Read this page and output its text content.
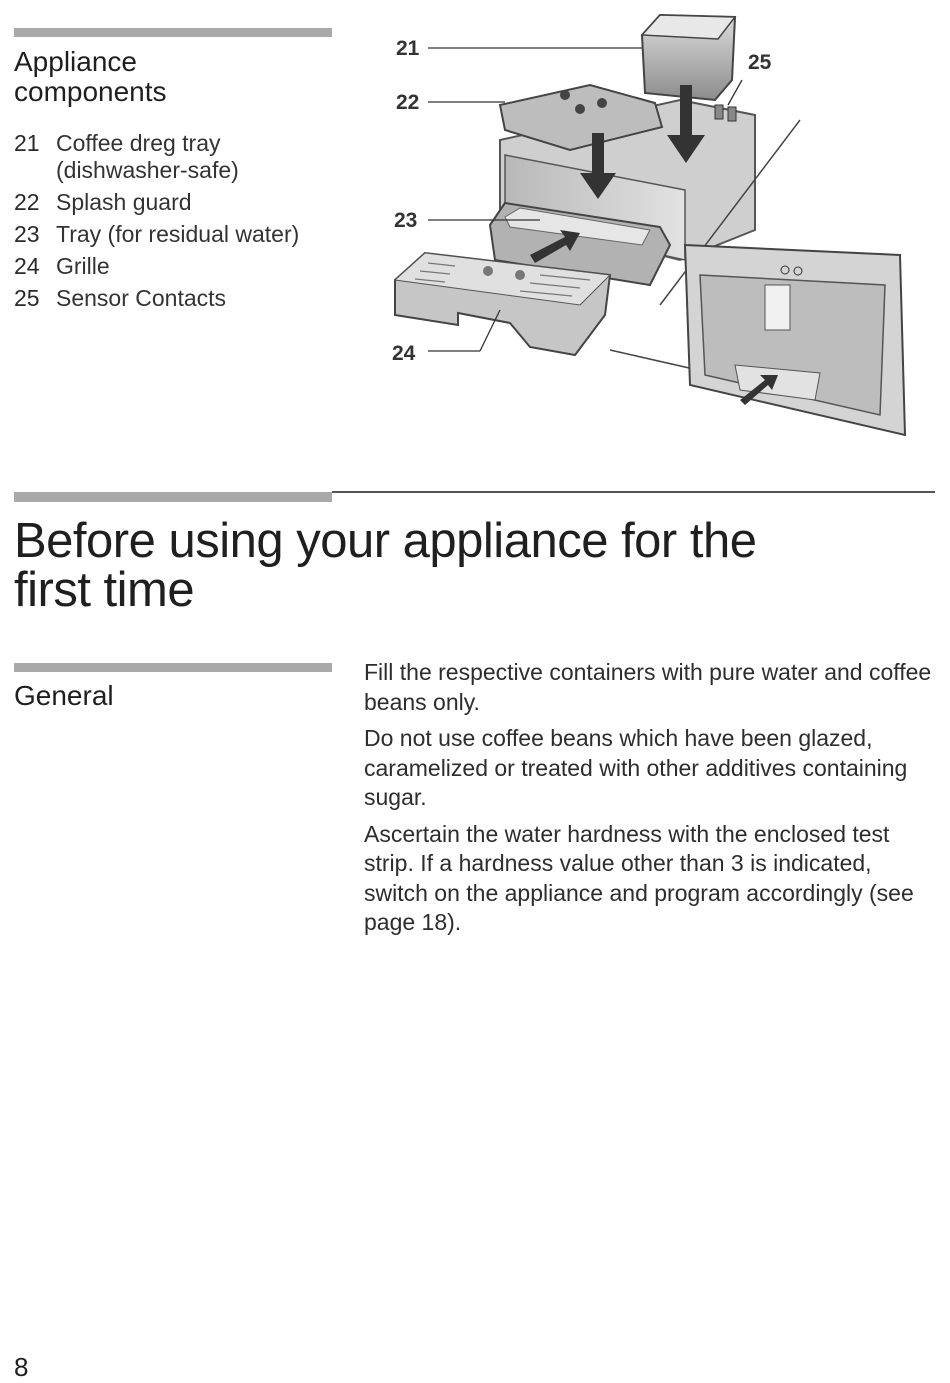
Appliance
components
21 Coffee dreg tray
(dishwasher-safe)
22 Splash guard
23 Tray (for residual water)
24 Grille
25 Sensor Contacts
21
22
23
24
25
Before using your appliance for the
first time
General

Fill the respective containers with pure water and coffee beans only.

Do not use coffee beans which have been glazed, caramelized or treated with other additives containing sugar.

Ascertain the water hardness with the enclosed test strip. If a hardness value other than 3 is indicated, switch on the appliance and program accordingly (see page 18).

8
